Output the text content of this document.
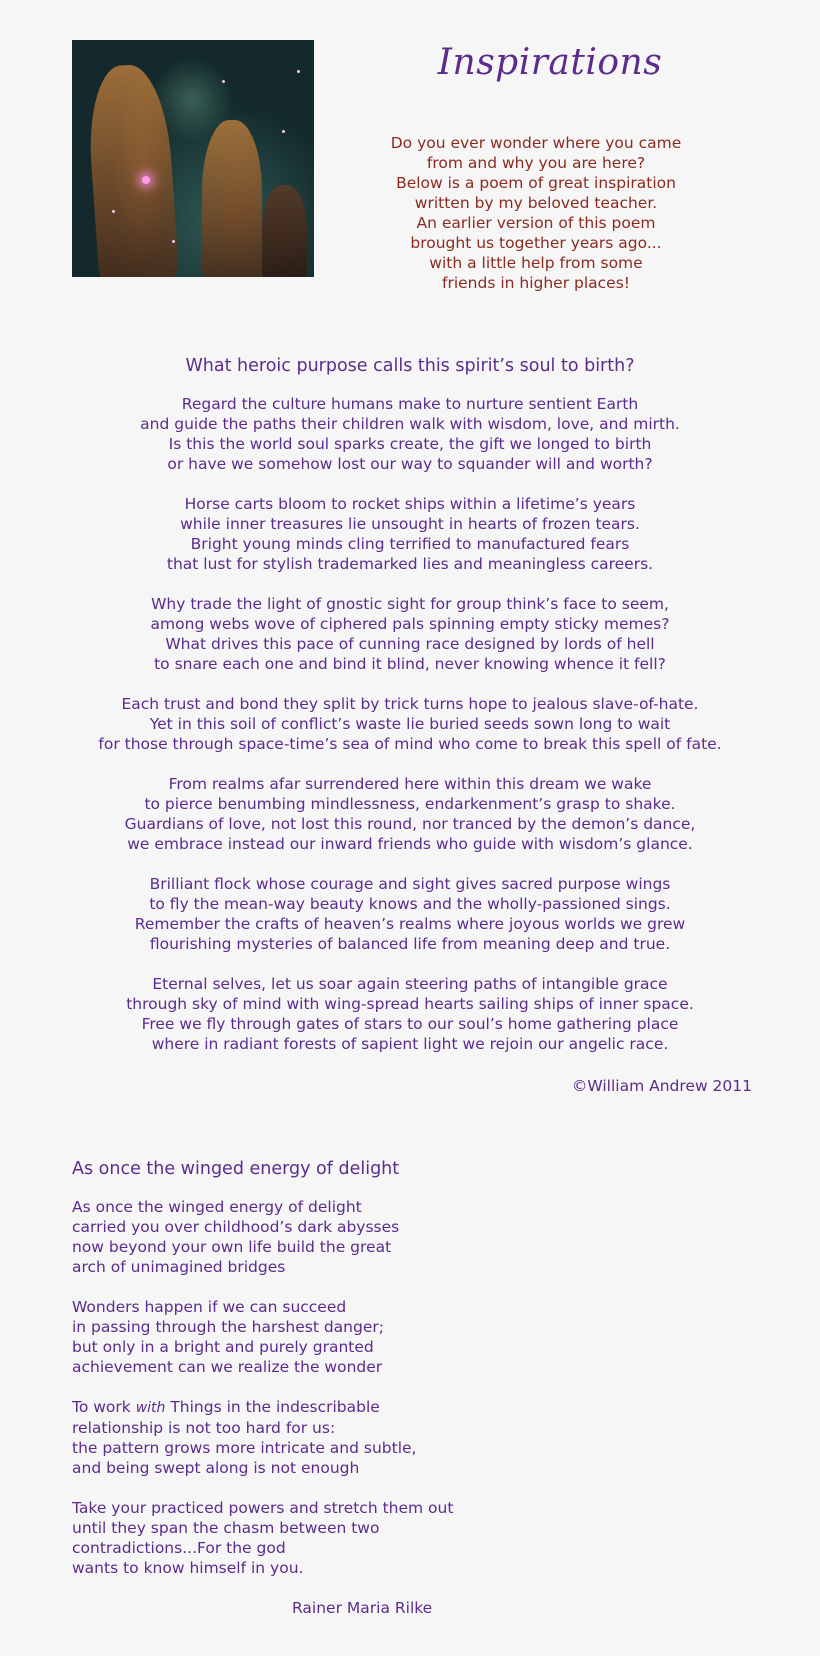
Inspirations
Do you ever wonder where you came
from and why you are here?
Below is a poem of great inspiration
written by my beloved teacher.
An earlier version of this poem
brought us together years ago...
with a little help from some
friends in higher places!
What heroic purpose calls this spirit’s soul to birth?
Regard the culture humans make to nurture sentient Earth
and guide the paths their children walk with wisdom, love, and mirth.
Is this the world soul sparks create, the gift we longed to birth
or have we somehow lost our way to squander will and worth?
Horse carts bloom to rocket ships within a lifetime’s years
while inner treasures lie unsought in hearts of frozen tears.
Bright young minds cling terrified to manufactured fears
that lust for stylish trademarked lies and meaningless careers.
Why trade the light of gnostic sight for group think’s face to seem,
among webs wove of ciphered pals spinning empty sticky memes?
What drives this pace of cunning race designed by lords of hell
to snare each one and bind it blind, never knowing whence it fell?
Each trust and bond they split by trick turns hope to jealous slave-of-hate.
Yet in this soil of conflict’s waste lie buried seeds sown long to wait
for those through space-time’s sea of mind who come to break this spell of fate.
From realms afar surrendered here within this dream we wake
to pierce benumbing mindlessness, endarkenment’s grasp to shake.
Guardians of love, not lost this round, nor tranced by the demon’s dance,
we embrace instead our inward friends who guide with wisdom’s glance.
Brilliant flock whose courage and sight gives sacred purpose wings
to fly the mean-way beauty knows and the wholly-passioned sings.
Remember the crafts of heaven’s realms where joyous worlds we grew
flourishing mysteries of balanced life from meaning deep and true.
Eternal selves, let us soar again steering paths of intangible grace
through sky of mind with wing-spread hearts sailing ships of inner space.
Free we fly through gates of stars to our soul’s home gathering place
where in radiant forests of sapient light we rejoin our angelic race.
©William Andrew 2011
As once the winged energy of delight
As once the winged energy of delight
carried you over childhood’s dark abysses
now beyond your own life build the great
arch of unimagined bridges
Wonders happen if we can succeed
in passing through the harshest danger;
but only in a bright and purely granted
achievement can we realize the wonder
To work with Things in the indescribable
relationship is not too hard for us:
the pattern grows more intricate and subtle,
and being swept along is not enough
Take your practiced powers and stretch them out
until they span the chasm between two
contradictions...For the god
wants to know himself in you.
Rainer Maria Rilke
